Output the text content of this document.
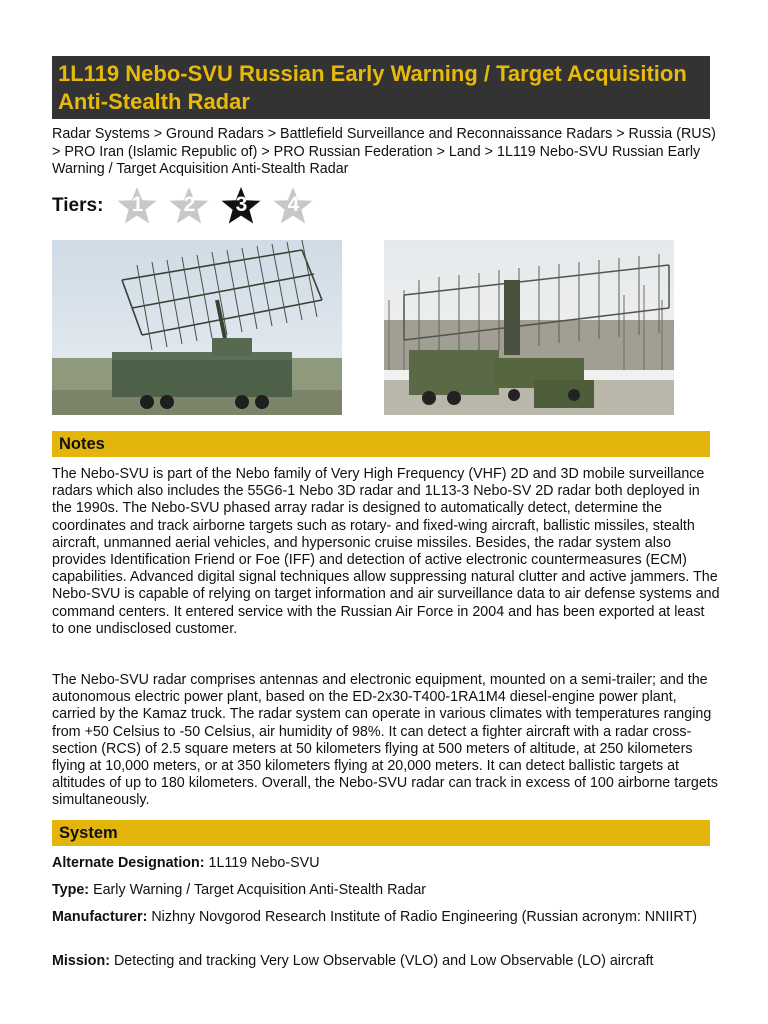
1L119 Nebo-SVU Russian Early Warning / Target Acquisition Anti-Stealth Radar
Radar Systems > Ground Radars > Battlefield Surveillance and Reconnaissance Radars > Russia (RUS) > PRO Iran (Islamic Republic of) > PRO Russian Federation > Land > 1L119 Nebo-SVU Russian Early Warning / Target Acquisition Anti-Stealth Radar
Tiers:	1	2	3	4
Notes

The Nebo-SVU is part of the Nebo family of Very High Frequency (VHF) 2D and 3D mobile surveillance radars which also includes the 55G6-1 Nebo 3D radar and 1L13-3 Nebo-SV 2D radar both deployed in the 1990s. The Nebo-SVU phased array radar is designed to automatically detect, determine the coordinates and track airborne targets such as rotary- and fixed-wing aircraft, ballistic missiles, stealth aircraft, unmanned aerial vehicles, and hypersonic cruise missiles. Besides, the radar system also provides Identification Friend or Foe (IFF) and detection of active electronic countermeasures (ECM) capabilities. Advanced digital signal techniques allow suppressing natural clutter and active jammers. The Nebo-SVU is capable of relying on target information and air surveillance data to air defense systems and command centers. It entered service with the Russian Air Force in 2004 and has been exported at least to one undisclosed customer.

The Nebo-SVU radar comprises antennas and electronic equipment, mounted on a semi-trailer; and the autonomous electric power plant, based on the ED-2x30-T400-1RA1M4 diesel-engine power plant, carried by the Kamaz truck. The radar system can operate in various climates with temperatures ranging from +50 Celsius to -50 Celsius, air humidity of 98%. It can detect a fighter aircraft with a radar cross-section (RCS) of 2.5 square meters at 50 kilometers flying at 500 meters of altitude, at 250 kilometers flying at 10,000 meters, or at 350 kilometers flying at 20,000 meters. It can detect ballistic targets at altitudes of up to 180 kilometers. Overall, the Nebo-SVU radar can track in excess of 100 airborne targets simultaneously.

System

Alternate Designation: 1L119 Nebo-SVU

Type: Early Warning / Target Acquisition Anti-Stealth Radar

Manufacturer: Nizhny Novgorod Research Institute of Radio Engineering (Russian acronym: NNIIRT)

Mission: Detecting and tracking Very Low Observable (VLO) and Low Observable (LO) aircraft
